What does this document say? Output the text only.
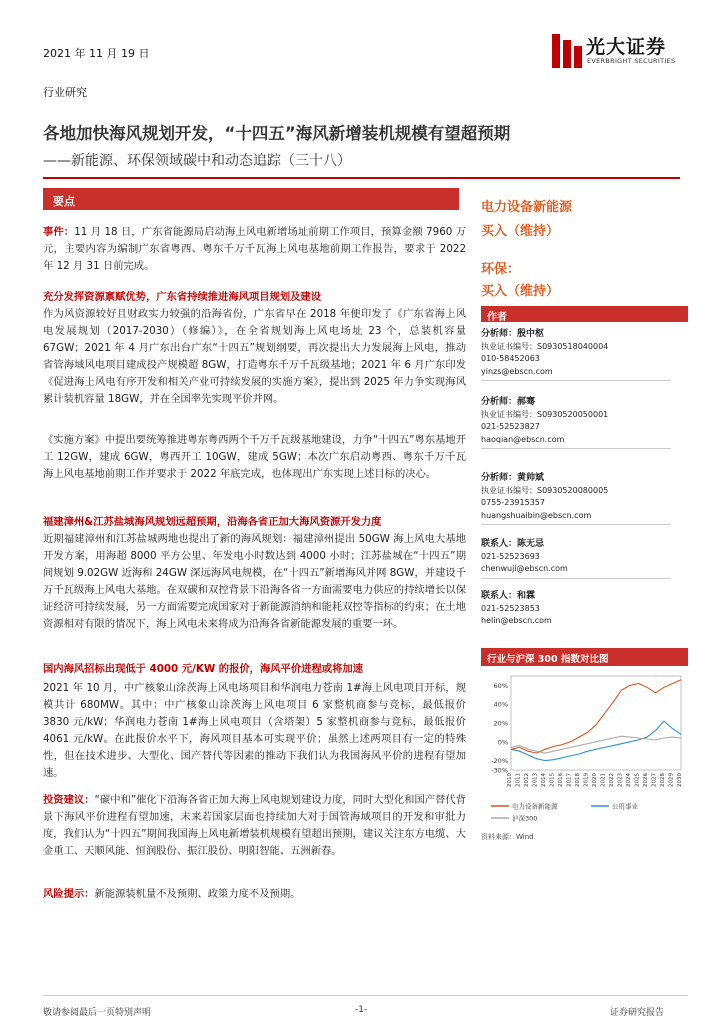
2021 年 11 月 19 日	光大证券
EVERBRIGHT SECURITIES
行业研究
各地加快海风规划开发，“十四五”海风新增装机规模有望超预期
——新能源、环保领域碳中和动态追踪（三十八）
要点
事件：11 月 18 日，广东省能源局启动海上风电新增场址前期工作项目，预算金额 7960 万元，主要内容为编制广东省粤西、粤东千万千瓦海上风电基地前期工作报告，要求于 2022 年 12 月 31 日前完成。
充分发挥资源禀赋优势，广东省持续推进海风项目规划及建设
作为风资源较好且财政实力较强的沿海省份，广东省早在 2018 年便印发了《广东省海上风电发展规划（2017-2030）（修编）》，在全省规划海上风电场址 23 个，总装机容量 67GW；2021 年 4 月广东出台广东“十四五”规划纲要，再次提出大力发展海上风电，推动省管海域风电项目建成投产规模超 8GW，打造粤东千万千瓦级基地；2021 年 6 月广东印发《促进海上风电有序开发和相关产业可持续发展的实施方案》，提出到 2025 年力争实现海风累计装机容量 18GW，并在全国率先实现平价并网。
《实施方案》中提出要统筹推进粤东粤西两个千万千瓦级基地建设，力争“十四五”粤东基地开工 12GW，建成 6GW，粤西开工 10GW，建成 5GW；本次广东启动粤西、粤东千万千瓦海上风电基地前期工作并要求于 2022 年底完成，也体现出广东实现上述目标的决心。
福建漳州&江苏盐城海风规划远超预期，沿海各省正加大海风资源开发力度
近期福建漳州和江苏盐城两地也提出了新的海风规划：福建漳州提出 50GW 海上风电大基地开发方案，用海超 8000 平方公里、年发电小时数达到 4000 小时；江苏盐城在“十四五”期间规划 9.02GW 近海和 24GW 深远海风电规模，在“十四五”新增海风并网 8GW，并建设千万千瓦级海上风电大基地。在双碳和双控背景下沿海各省一方面需要电力供应的持续增长以保证经济可持续发展，另一方面需要完成国家对于新能源消纳和能耗双控等指标的约束；在土地资源相对有限的情况下，海上风电未来将成为沿海各省新能源发展的重要一环。
国内海风招标出现低于 4000 元/KW 的报价，海风平价进程或将加速
2021 年 10 月，中广核象山涂茨海上风电场项目和华润电力苍南 1#海上风电项目开标，规模共计 680MW。其中：中广核象山涂茨海上风电项目 6 家整机商参与竞标，最低报价 3830 元/kW；华润电力苍南 1#海上风电项目（含塔架）5 家整机商参与竞标，最低报价 4061 元/kW。在此报价水平下，海风项目基本可实现平价；虽然上述两项目有一定的特殊性，但在技术进步、大型化、国产替代等因素的推动下我们认为我国海风平价的进程有望加速。
投资建议：“碳中和”催化下沿海各省正加大海上风电规划建设力度，同时大型化和国产替代背景下海风平价进程有望加速，未来若国家层面也持续加大对于国管海域项目的开发和审批力度，我们认为“十四五”期间我国海上风电新增装机规模有望超出预期，建议关注东方电缆、大金重工、天顺风能、恒润股份、振江股份、明阳智能、五洲新春。
风险提示：新能源装机量不及预期、政策力度不及预期。
电力设备新能源
买入（维持）
环保：
买入（维持）
作者
分析师：殷中枢
执业证书编号：S0930518040004
010-58452063
yinzs@ebscn.com
分析师：郝骞
执业证书编号：S0930520050001
021-52523827
haoqian@ebscn.com
分析师：黄帅斌
执业证书编号：S0930520080005
0755-23915357
huangshuaibin@ebscn.com
联系人：陈无忌
021-52523693
chenwuji@ebscn.com
联系人：和霖
021-52523853
helin@ebscn.com
行业与沪深 300 指数对比图
60%
40%
20%
0%
-20%
-30%
2010 2011 2012 2013 2014 2015 2016 2017 2018 2019 2020 2021 2022 2023 2024 2025 2026 2027 2028 2029 2030
电力设备新能源	公用事业
沪深300
资料来源：Wind
敬请参阅最后一页特别声明	-1-	证券研究报告
